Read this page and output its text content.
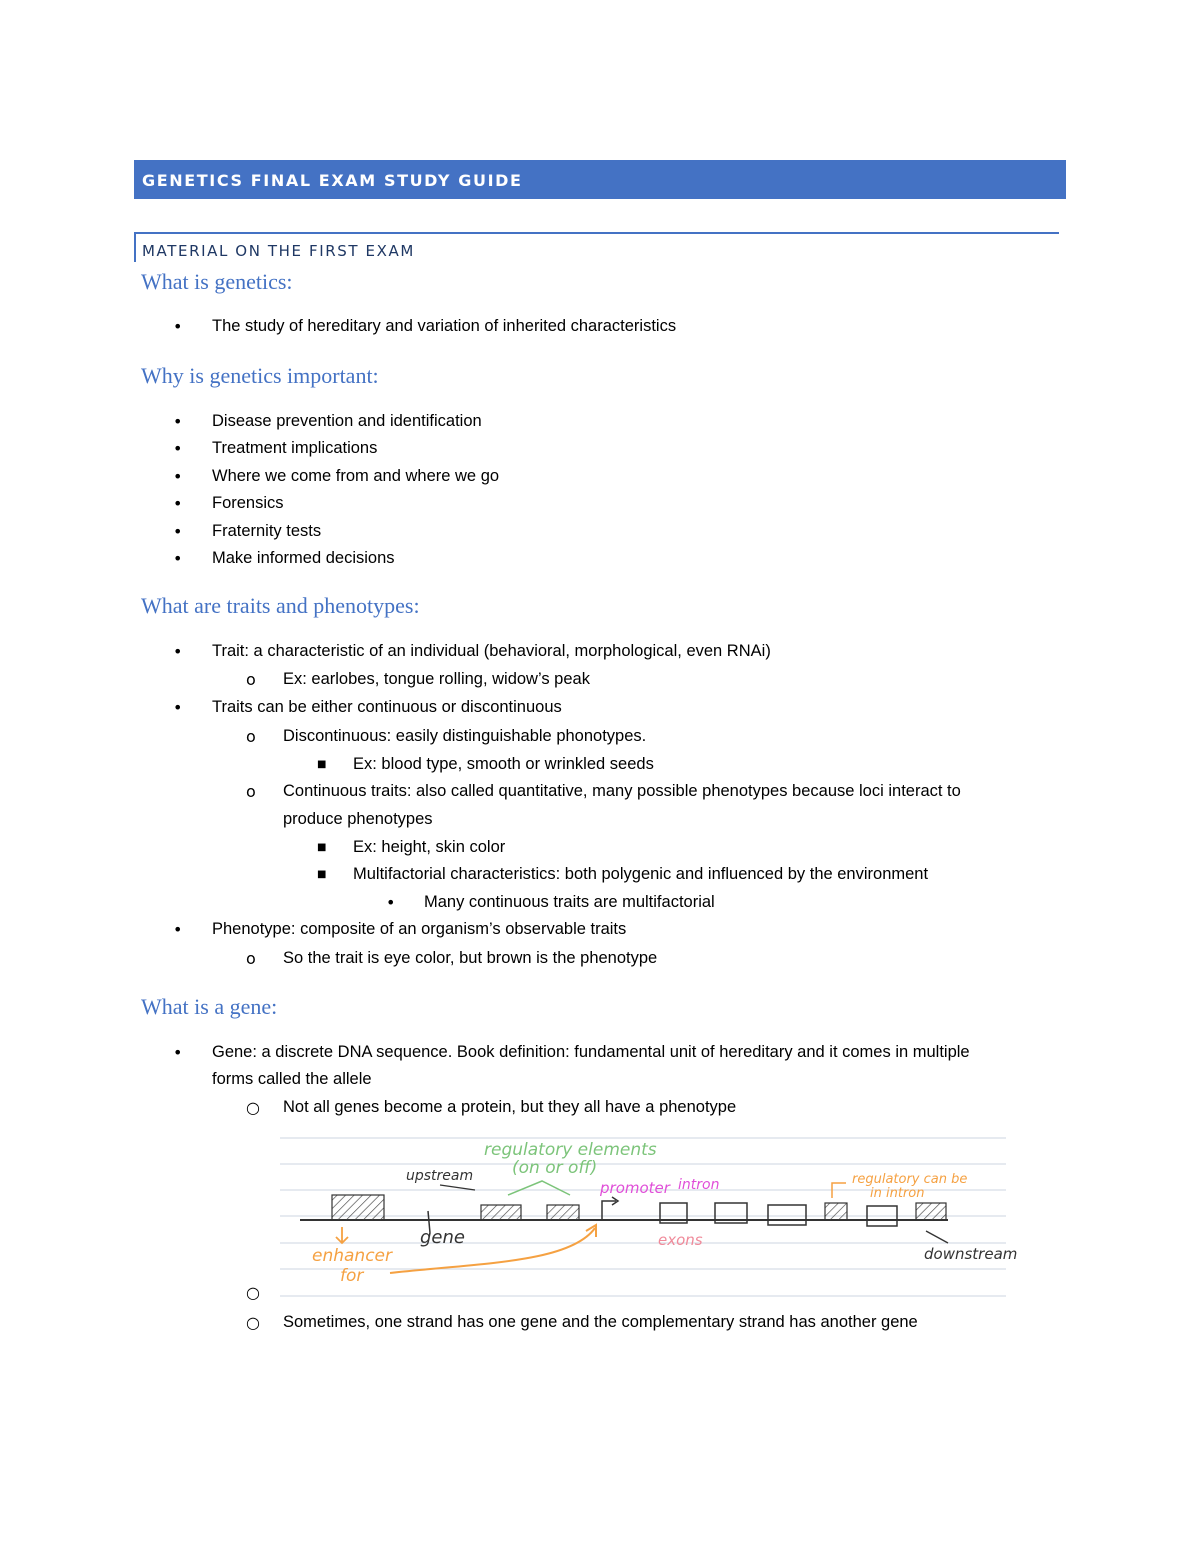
GENETICS FINAL EXAM STUDY GUIDE
MATERIAL ON THE FIRST EXAM
What is genetics:
• The study of hereditary and variation of inherited characteristics
Why is genetics important:
• Disease prevention and identification
• Treatment implications
• Where we come from and where we go
• Forensics
• Fraternity tests
• Make informed decisions
What are traits and phenotypes:
• Trait: a characteristic of an individual (behavioral, morphological, even RNAi)
o Ex: earlobes, tongue rolling, widow’s peak
• Traits can be either continuous or discontinuous
o Discontinuous: easily distinguishable phonotypes.
■ Ex: blood type, smooth or wrinkled seeds
o Continuous traits: also called quantitative, many possible phenotypes because loci interact to
produce phenotypes
■ Ex: height, skin color
■ Multifactorial characteristics: both polygenic and influenced by the environment
• Many continuous traits are multifactorial
• Phenotype: composite of an organism’s observable traits
o So the trait is eye color, but brown is the phenotype
What is a gene:
• Gene: a discrete DNA sequence. Book definition: fundamental unit of hereditary and it comes in multiple
forms called the allele
○ Not all genes become a protein, but they all have a phenotype
regulatory elements
(on or off)
upstream
promoter intron	regulatory can be
in intron
gene
enhancer
for
exons
downstream
○
○ Sometimes, one strand has one gene and the complementary strand has another gene
